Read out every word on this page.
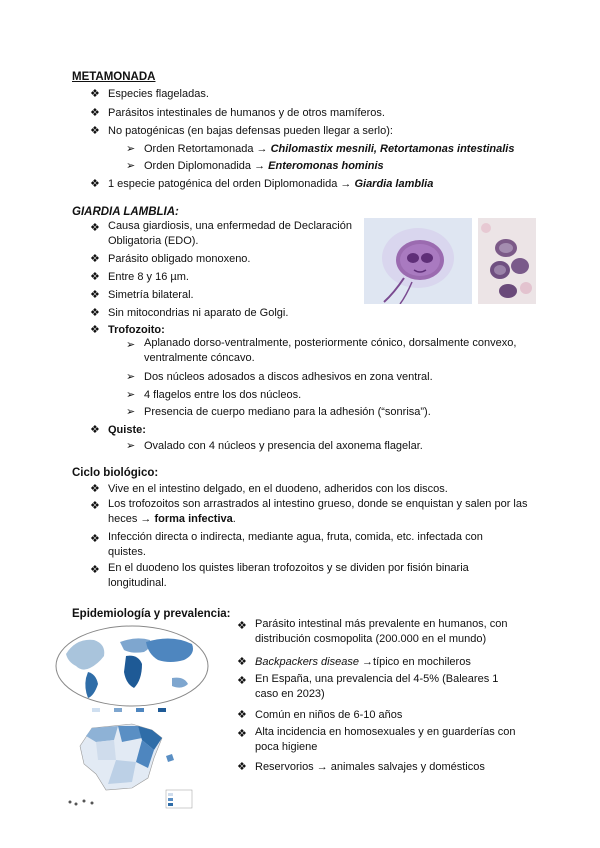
METAMONADA
❖ Especies flageladas.
❖ Parásitos intestinales de humanos y de otros mamíferos.
❖ No patogénicas (en bajas defensas pueden llegar a serlo):
➢ Orden Retortamonada → Chilomastix mesnili, Retortamonas intestinalis
➢ Orden Diplomonadida → Enteromonas hominis
❖ 1 especie patogénica del orden Diplomonadida → Giardia lamblia
GIARDIA LAMBLIA:
❖ Causa giardiosis, una enfermedad de Declaración Obligatoria (EDO).
❖ Parásito obligado monoxeno.
❖ Entre 8 y 16 µm.
❖ Simetría bilateral.
❖ Sin mitocondrias ni aparato de Golgi.
❖ Trofozoito:
➢ Aplanado dorso-ventralmente, posteriormente cónico, dorsalmente convexo, ventralmente cóncavo.
➢ Dos núcleos adosados a discos adhesivos en zona ventral.
➢ 4 flagelos entre los dos núcleos.
➢ Presencia de cuerpo mediano para la adhesión (“sonrisa”).
❖ Quiste:
➢ Ovalado con 4 núcleos y presencia del axonema flagelar.
Ciclo biológico:
❖ Vive en el intestino delgado, en el duodeno, adheridos con los discos.
❖ Los trofozoitos son arrastrados al intestino grueso, donde se enquistan y salen por las heces → forma infectiva.
❖ Infección directa o indirecta, mediante agua, fruta, comida, etc. infectada con quistes.
❖ En el duodeno los quistes liberan trofozoitos y se dividen por fisión binaria longitudinal.
Epidemiología y prevalencia:
❖ Parásito intestinal más prevalente en humanos, con distribución cosmopolita (200.000 en el mundo)
❖ Backpackers disease →típico en mochileros
❖ En España, una prevalencia del 4-5% (Baleares 1 caso en 2023)
❖ Común en niños de 6-10 años
❖ Alta incidencia en homosexuales y en guarderías con poca higiene
❖ Reservorios → animales salvajes y domésticos
